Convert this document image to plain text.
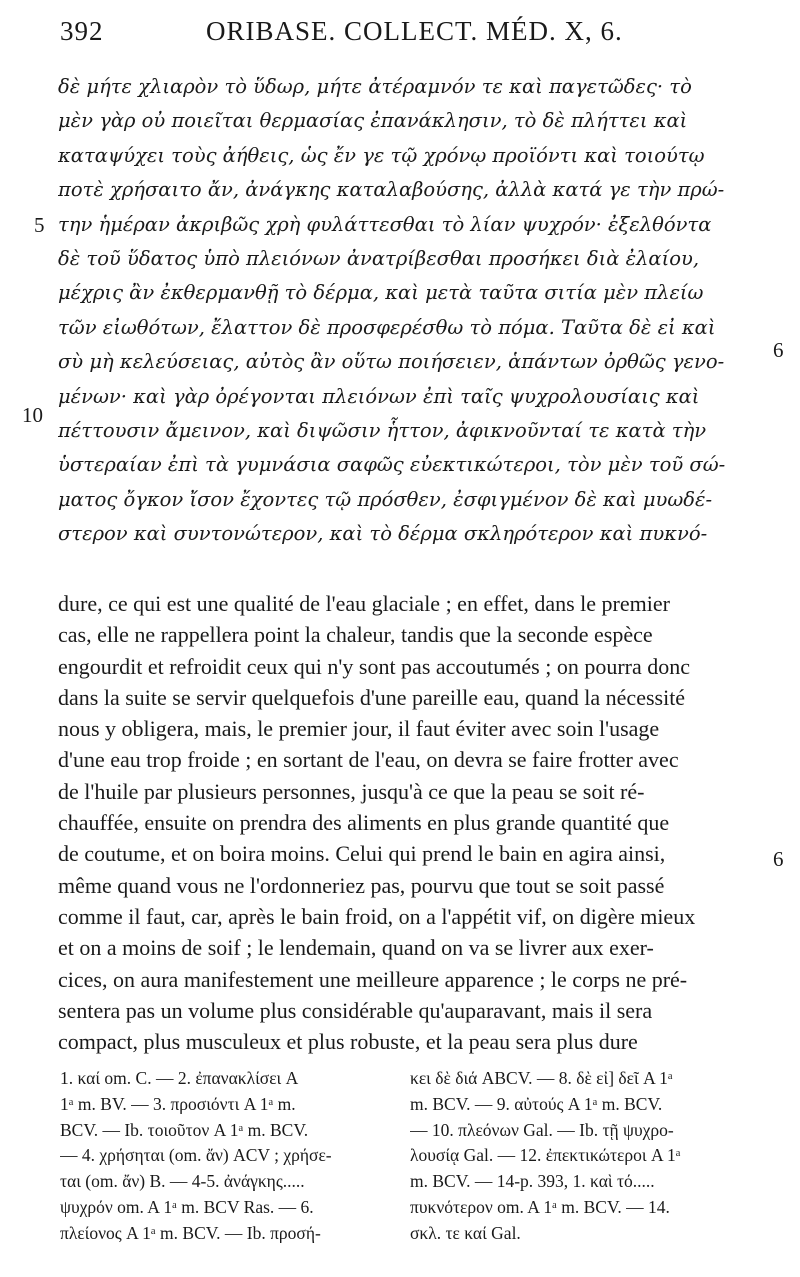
392	ORIBASE. COLLECT. MÉD. X, 6.
5
10
6
6
δὲ μήτε χλιαρὸν τὸ ὕδωρ, μήτε ἀτέραμνόν τε καὶ παγετῶδες· τὸ
μὲν γὰρ οὐ ποιεῖται θερμασίας ἐπανάκλησιν, τὸ δὲ πλήττει καὶ
καταψύχει τοὺς ἀήθεις, ὡς ἔν γε τῷ χρόνῳ προϊόντι καὶ τοιούτῳ
ποτὲ χρήσαιτο ἄν, ἀνάγκης καταλαβούσης, ἀλλὰ κατά γε τὴν πρώ-
την ἡμέραν ἀκριβῶς χρὴ φυλάττεσθαι τὸ λίαν ψυχρόν· ἐξελθόντα
δὲ τοῦ ὕδατος ὑπὸ πλειόνων ἀνατρίβεσθαι προσήκει διὰ ἐλαίου,
μέχρις ἂν ἐκθερμανθῇ τὸ δέρμα, καὶ μετὰ ταῦτα σιτία μὲν πλείω
τῶν εἰωθότων, ἔλαττον δὲ προσφερέσθω τὸ πόμα. Ταῦτα δὲ εἰ καὶ
σὺ μὴ κελεύσειας, αὐτὸς ἂν οὕτω ποιήσειεν, ἁπάντων ὀρθῶς γενο-
μένων· καὶ γὰρ ὀρέγονται πλειόνων ἐπὶ ταῖς ψυχρολουσίαις καὶ
πέττουσιν ἄμεινον, καὶ διψῶσιν ἧττον, ἀφικνοῦνταί τε κατὰ τὴν
ὑστεραίαν ἐπὶ τὰ γυμνάσια σαφῶς εὐεκτικώτεροι, τὸν μὲν τοῦ σώ-
ματος ὄγκον ἴσον ἔχοντες τῷ πρόσθεν, ἐσφιγμένον δὲ καὶ μυωδέ-
στερον καὶ συντονώτερον, καὶ τὸ δέρμα σκληρότερον καὶ πυκνό-
dure, ce qui est une qualité de l'eau glaciale ; en effet, dans le premier
cas, elle ne rappellera point la chaleur, tandis que la seconde espèce
engourdit et refroidit ceux qui n'y sont pas accoutumés ; on pourra donc
dans la suite se servir quelquefois d'une pareille eau, quand la nécessité
nous y obligera, mais, le premier jour, il faut éviter avec soin l'usage
d'une eau trop froide ; en sortant de l'eau, on devra se faire frotter avec
de l'huile par plusieurs personnes, jusqu'à ce que la peau se soit ré-
chauffée, ensuite on prendra des aliments en plus grande quantité que
de coutume, et on boira moins. Celui qui prend le bain en agira ainsi,
même quand vous ne l'ordonneriez pas, pourvu que tout se soit passé
comme il faut, car, après le bain froid, on a l'appétit vif, on digère mieux
et on a moins de soif ; le lendemain, quand on va se livrer aux exer-
cices, on aura manifestement une meilleure apparence ; le corps ne pré-
sentera pas un volume plus considérable qu'auparavant, mais il sera
compact, plus musculeux et plus robuste, et la peau sera plus dure
1. καί om. C. — 2. ἐπανακλίσει A
1ᵃ m. BV. — 3. προσιόντι A 1ᵃ m.
BCV. — Ib. τοιοῦτον A 1ᵃ m. BCV.
— 4. χρήσηται (om. ἄν) ACV ; χρήσε-
ται (om. ἄν) B. — 4-5. ἀνάγκης.....
ψυχρόν om. A 1ᵃ m. BCV Ras. — 6.
πλείονος A 1ᵃ m. BCV. — Ib. προσή-
κει δὲ διά ABCV. — 8. δὲ εἰ] δεῖ A 1ᵃ
m. BCV. — 9. αὐτούς A 1ᵃ m. BCV.
— 10. πλεόνων Gal. — Ib. τῇ ψυχρο-
λουσίᾳ Gal. — 12. ἐπεκτικώτεροι A 1ᵃ
m. BCV. — 14-p. 393, 1. καὶ τό.....
πυκνότερον om. A 1ᵃ m. BCV. — 14.
σκλ. τε καί Gal.
